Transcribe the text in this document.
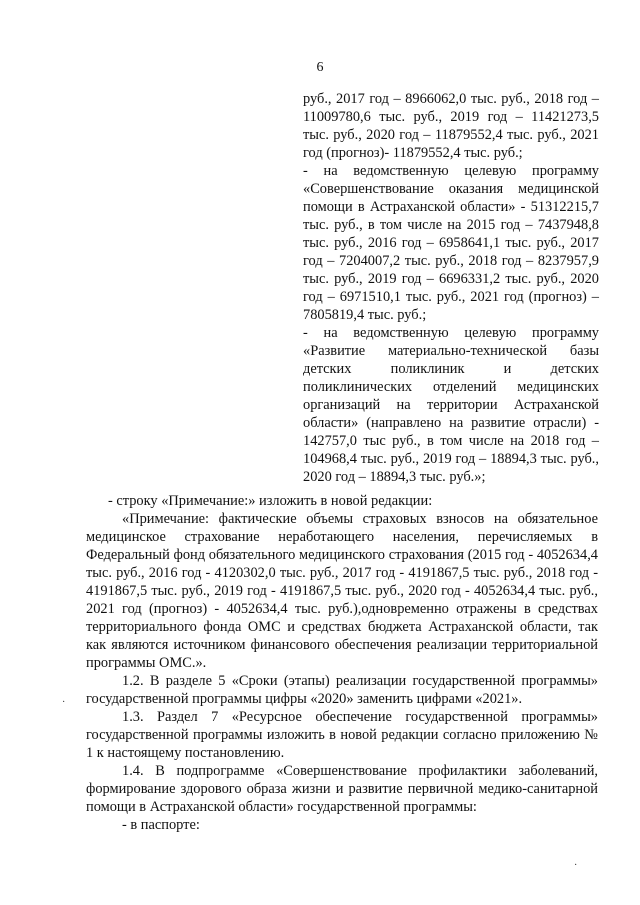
6

руб., 2017 год – 8966062,0 тыс. руб., 2018 год – 11009780,6 тыс. руб., 2019 год – 11421273,5 тыс. руб., 2020 год – 11879552,4 тыс. руб., 2021 год (прогноз)- 11879552,4 тыс. руб.;

- на ведомственную целевую программу «Совершенствование оказания медицинской помощи в Астраханской области» - 51312215,7 тыс. руб., в том числе на 2015 год – 7437948,8 тыс. руб., 2016 год – 6958641,1 тыс. руб., 2017 год – 7204007,2 тыс. руб., 2018 год – 8237957,9 тыс. руб., 2019 год – 6696331,2 тыс. руб., 2020 год – 6971510,1 тыс. руб., 2021 год (прогноз) – 7805819,4 тыс. руб.;

- на ведомственную целевую программу «Развитие материально-технической базы детских поликлиник и детских поликлинических отделений медицинских организаций на территории Астраханской области» (направлено на развитие отрасли) - 142757,0 тыс руб., в том числе на 2018 год – 104968,4 тыс. руб., 2019 год – 18894,3 тыс. руб., 2020 год – 18894,3 тыс. руб.»;

- строку «Примечание:» изложить в новой редакции:

«Примечание: фактические объемы страховых взносов на обязательное медицинское страхование неработающего населения, перечисляемых в Федеральный фонд обязательного медицинского страхования (2015 год - 4052634,4 тыс. руб., 2016 год - 4120302,0 тыс. руб., 2017 год - 4191867,5 тыс. руб., 2018 год - 4191867,5 тыс. руб., 2019 год - 4191867,5 тыс. руб., 2020 год - 4052634,4 тыс. руб., 2021 год (прогноз) - 4052634,4 тыс. руб.),одновременно отражены в средствах территориального фонда ОМС и средствах бюджета Астраханской области, так как являются источником финансового обеспечения реализации территориальной программы ОМС.».

1.2. В разделе 5 «Сроки (этапы) реализации государственной программы» государственной программы цифры «2020» заменить цифрами «2021».

1.3. Раздел 7 «Ресурсное обеспечение государственной программы» государственной программы изложить в новой редакции согласно приложению № 1 к настоящему постановлению.

1.4. В подпрограмме «Совершенствование профилактики заболеваний, формирование здорового образа жизни и развитие первичной медико-санитарной помощи в Астраханской области» государственной программы:

- в паспорте:

·
·
